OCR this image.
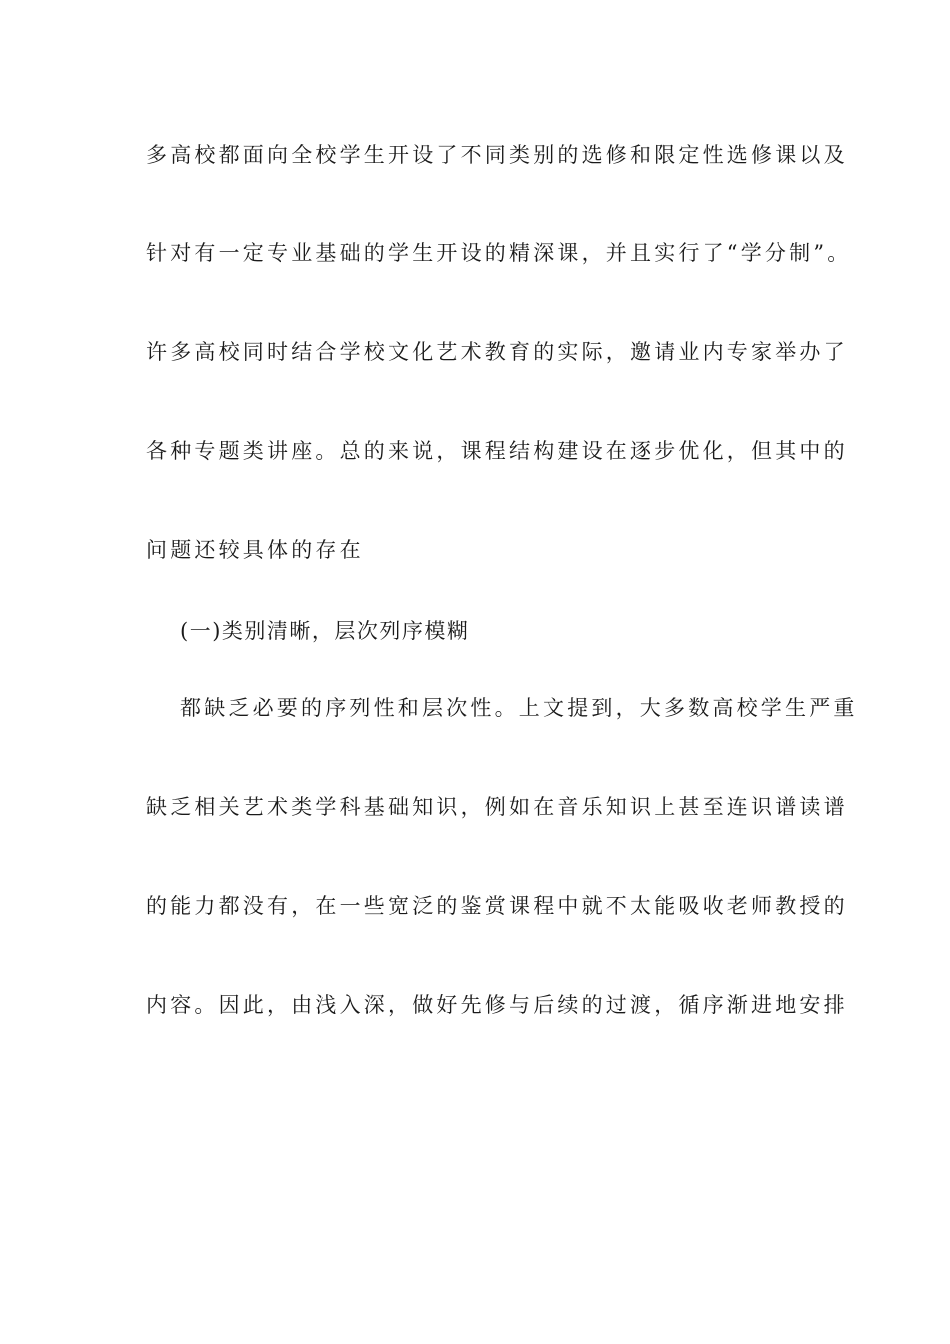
多高校都面向全校学生开设了不同类别的选修和限定性选修课以及
针对有一定专业基础的学生开设的精深课，并且实行了“学分制”。
许多高校同时结合学校文化艺术教育的实际，邀请业内专家举办了
各种专题类讲座。总的来说，课程结构建设在逐步优化，但其中的
问题还较具体的存在
(一)类别清晰，层次列序模糊
都缺乏必要的序列性和层次性。上文提到，大多数高校学生严重
缺乏相关艺术类学科基础知识，例如在音乐知识上甚至连识谱读谱
的能力都没有，在一些宽泛的鉴赏课程中就不太能吸收老师教授的
内容。因此，由浅入深，做好先修与后续的过渡，循序渐进地安排
